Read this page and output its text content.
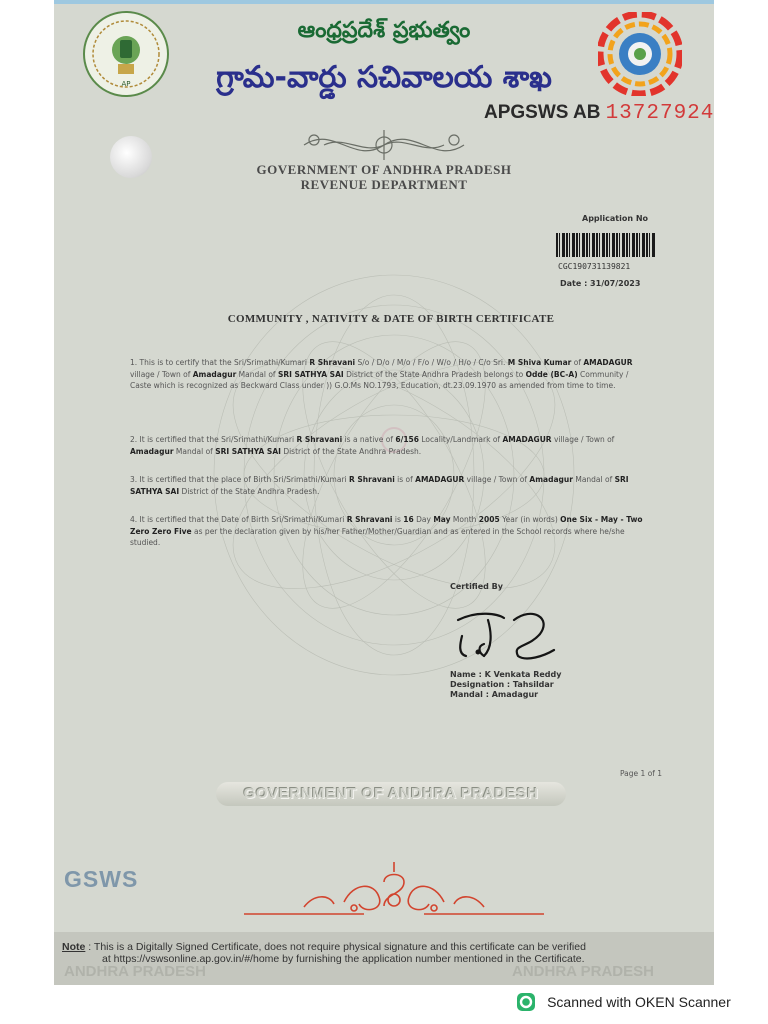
AP
ఆంధ్రప్రదేశ్ ప్రభుత్వం
గ్రామ-వార్డు సచివాలయ శాఖ
APGSWS AB 13727924
GOVERNMENT OF ANDHRA PRADESH
REVENUE DEPARTMENT
Application No
CGC190731139821
Date : 31/07/2023
COMMUNITY , NATIVITY & DATE OF BIRTH CERTIFICATE
1. This is to certify that the Sri/Srimathi/Kumari R Shravani S/o / D/o / M/o / F/o / W/o / H/o / C/o Sri. M Shiva Kumar of AMADAGUR village / Town of Amadagur Mandal of SRI SATHYA SAI District of the State Andhra Pradesh belongs to Odde (BC-A) Community / Caste which is recognized as Beckward Class under )) G.O.Ms NO.1793, Education, dt.23.09.1970 as amended from time to time.
2. It is certified that the Sri/Srimathi/Kumari R Shravani is a native of 6/156 Locality/Landmark of AMADAGUR village / Town of Amadagur Mandal of SRI SATHYA SAI District of the State Andhra Pradesh.
3. It is certified that the place of Birth Sri/Srimathi/Kumari R Shravani is of AMADAGUR village / Town of Amadagur Mandal of SRI SATHYA SAI District of the State Andhra Pradesh.
4. It is certified that the Date of Birth Sri/Srimathi/Kumari R Shravani is 16 Day May Month 2005 Year (in words) One Six - May - Two Zero Zero Five as per the declaration given by his/her Father/Mother/Guardian and as entered in the School records where he/she studied.
Certified By
Name : K Venkata Reddy
Designation : Tahsildar
Mandal : Amadagur
Page 1 of 1
GOVERNMENT OF ANDHRA PRADESH
GSWS
ANDHRA PRADESH	ANDHRA PRADESH
Note : This is a Digitally Signed Certificate, does not require physical signature and this certificate can be verified
at https://vswsonline.ap.gov.in/#/home by furnishing the application number mentioned in the Certificate.
Scanned with OKEN Scanner
